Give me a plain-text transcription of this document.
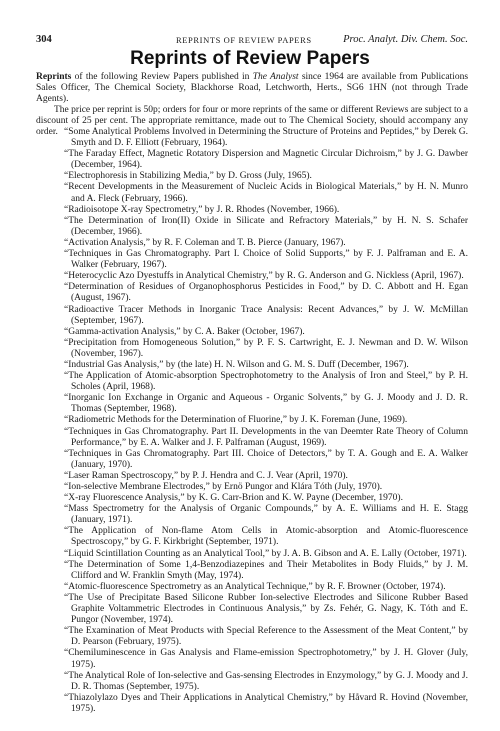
304	REPRINTS OF REVIEW PAPERS	Proc. Analyt. Div. Chem. Soc.
Reprints of Review Papers

Reprints of the following Review Papers published in The Analyst since 1964 are available from Publications Sales Officer, The Chemical Society, Blackhorse Road, Letchworth, Herts., SG6 1HN (not through Trade Agents).

The price per reprint is 50p; orders for four or more reprints of the same or different Reviews are subject to a discount of 25 per cent. The appropriate remittance, made out to The Chemical Society, should accompany any order. “Some Analytical Problems Involved in Determining the Structure of Proteins and Peptides,” by Derek G. Smyth and D. F. Elliott (February, 1964).
“The Faraday Effect, Magnetic Rotatory Dispersion and Magnetic Circular Dichroism,” by J. G. Dawber (December, 1964).
“Electrophoresis in Stabilizing Media,” by D. Gross (July, 1965).
“Recent Developments in the Measurement of Nucleic Acids in Biological Materials,” by H. N. Munro and A. Fleck (February, 1966).
“Radioisotope X-ray Spectrometry,” by J. R. Rhodes (November, 1966).
“The Determination of Iron(II) Oxide in Silicate and Refractory Materials,” by H. N. S. Schafer (December, 1966).
“Activation Analysis,” by R. F. Coleman and T. B. Pierce (January, 1967).
“Techniques in Gas Chromatography. Part I. Choice of Solid Supports,” by F. J. Palframan and E. A. Walker (February, 1967).
“Heterocyclic Azo Dyestuffs in Analytical Chemistry,” by R. G. Anderson and G. Nickless (April, 1967).
“Determination of Residues of Organophosphorus Pesticides in Food,” by D. C. Abbott and H. Egan (August, 1967).
“Radioactive Tracer Methods in Inorganic Trace Analysis: Recent Advances,” by J. W. McMillan (September, 1967).
“Gamma-activation Analysis,” by C. A. Baker (October, 1967).
“Precipitation from Homogeneous Solution,” by P. F. S. Cartwright, E. J. Newman and D. W. Wilson (November, 1967).
“Industrial Gas Analysis,” by (the late) H. N. Wilson and G. M. S. Duff (December, 1967).
“The Application of Atomic-absorption Spectrophotometry to the Analysis of Iron and Steel,” by P. H. Scholes (April, 1968).
“Inorganic Ion Exchange in Organic and Aqueous - Organic Solvents,” by G. J. Moody and J. D. R. Thomas (September, 1968).
“Radiometric Methods for the Determination of Fluorine,” by J. K. Foreman (June, 1969).
“Techniques in Gas Chromatography. Part II. Developments in the van Deemter Rate Theory of Column Performance,” by E. A. Walker and J. F. Palframan (August, 1969).
“Techniques in Gas Chromatography. Part III. Choice of Detectors,” by T. A. Gough and E. A. Walker (January, 1970).
“Laser Raman Spectroscopy,” by P. J. Hendra and C. J. Vear (April, 1970).
“Ion-selective Membrane Electrodes,” by Ernö Pungor and Klára Tóth (July, 1970).
“X-ray Fluorescence Analysis,” by K. G. Carr-Brion and K. W. Payne (December, 1970).
“Mass Spectrometry for the Analysis of Organic Compounds,” by A. E. Williams and H. E. Stagg (January, 1971).
“The Application of Non-flame Atom Cells in Atomic-absorption and Atomic-fluorescence Spectroscopy,” by G. F. Kirkbright (September, 1971).
“Liquid Scintillation Counting as an Analytical Tool,” by J. A. B. Gibson and A. E. Lally (October, 1971).
“The Determination of Some 1,4-Benzodiazepines and Their Metabolites in Body Fluids,” by J. M. Clifford and W. Franklin Smyth (May, 1974).
“Atomic-fluorescence Spectrometry as an Analytical Technique,” by R. F. Browner (October, 1974).
“The Use of Precipitate Based Silicone Rubber Ion-selective Electrodes and Silicone Rubber Based Graphite Voltammetric Electrodes in Continuous Analysis,” by Zs. Fehér, G. Nagy, K. Tóth and E. Pungor (November, 1974).
“The Examination of Meat Products with Special Reference to the Assessment of the Meat Content,” by D. Pearson (February, 1975).
“Chemiluminescence in Gas Analysis and Flame-emission Spectrophotometry,” by J. H. Glover (July, 1975).
“The Analytical Role of Ion-selective and Gas-sensing Electrodes in Enzymology,” by G. J. Moody and J. D. R. Thomas (September, 1975).
“Thiazolylazo Dyes and Their Applications in Analytical Chemistry,” by Håvard R. Hovind (November, 1975).
